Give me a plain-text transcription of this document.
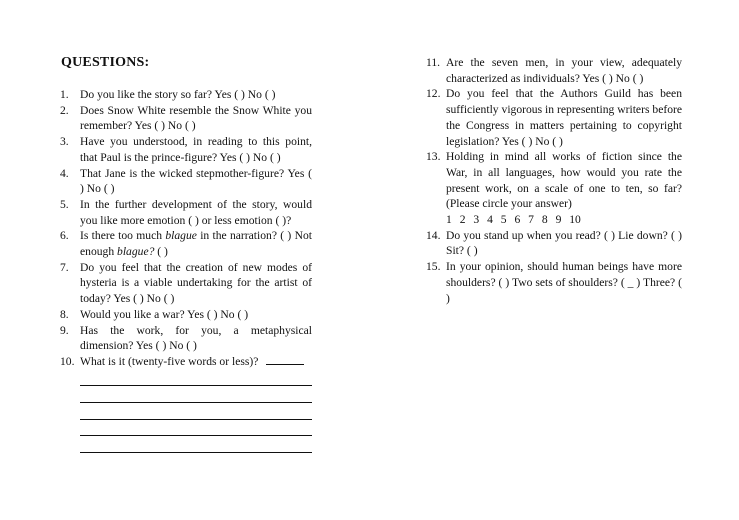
QUESTIONS:
1. Do you like the story so far? Yes ( ) No ( )
2. Does Snow White resemble the Snow White you remember? Yes ( ) No ( )
3. Have you understood, in reading to this point, that Paul is the prince-figure? Yes ( ) No ( )
4. That Jane is the wicked stepmother-figure? Yes ( ) No ( )
5. In the further development of the story, would you like more emotion ( ) or less emotion ( )?
6. Is there too much blague in the narration? ( ) Not enough blague? ( )
7. Do you feel that the creation of new modes of hysteria is a viable undertaking for the artist of today? Yes ( ) No ( )
8. Would you like a war? Yes ( ) No ( )
9. Has the work, for you, a metaphysical dimension? Yes ( ) No ( )
10. What is it (twenty-five words or less)?
11. Are the seven men, in your view, adequately characterized as individuals? Yes ( ) No ( )
12. Do you feel that the Authors Guild has been sufficiently vigorous in representing writers before the Congress in matters pertaining to copyright legislation? Yes ( ) No ( )
13. Holding in mind all works of fiction since the War, in all languages, how would you rate the present work, on a scale of one to ten, so far? (Please circle your answer)
1 2 3 4 5 6 7 8 9 10
14. Do you stand up when you read? ( ) Lie down? ( ) Sit? ( )
15. In your opinion, should human beings have more shoulders? ( ) Two sets of shoulders? ( _ ) Three? ( )
